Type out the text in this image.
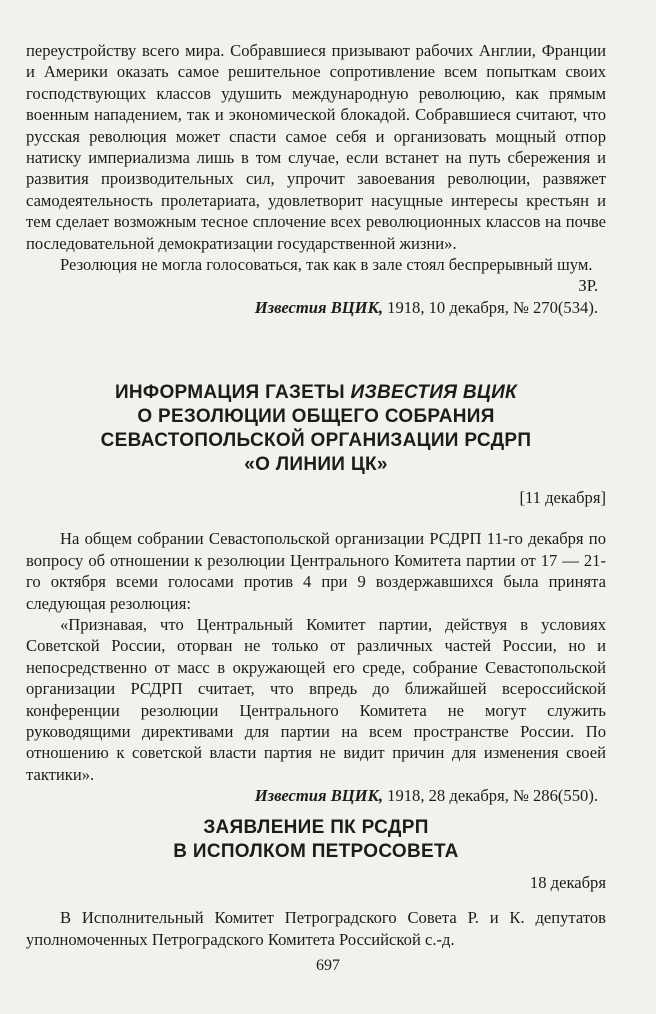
переустройству всего мира. Собравшиеся призывают рабочих Англии, Франции и Америки оказать самое решительное сопротивление всем попыткам своих господствующих классов удушить международную революцию, как прямым военным нападением, так и экономической блокадой. Собравшиеся считают, что русская революция может спасти самое себя и организовать мощный отпор натиску империализма лишь в том случае, если встанет на путь сбережения и развития производительных сил, упрочит завоевания революции, развяжет самодеятельность пролетариата, удовлетворит насущные интересы крестьян и тем сделает возможным тесное сплочение всех революционных классов на почве последовательной демократизации государственной жизни».

Резолюция не могла голосоваться, так как в зале стоял беспрерывный шум.

ЗР.

Известия ВЦИК, 1918, 10 декабря, № 270(534).

ИНФОРМАЦИЯ ГАЗЕТЫ ИЗВЕСТИЯ ВЦИК

О РЕЗОЛЮЦИИ ОБЩЕГО СОБРАНИЯ

СЕВАСТОПОЛЬСКОЙ ОРГАНИЗАЦИИ РСДРП

«О ЛИНИИ ЦК»

[11 декабря]

На общем собрании Севастопольской организации РСДРП 11-го декабря по вопросу об отношении к резолюции Центрального Комитета партии от 17 — 21-го октября всеми голосами против 4 при 9 воздержавшихся была принята следующая резолюция:

«Признавая, что Центральный Комитет партии, действуя в условиях Советской России, оторван не только от различных частей России, но и непосредственно от масс в окружающей его среде, собрание Севастопольской организации РСДРП считает, что впредь до ближайшей всероссийской конференции резолюции Центрального Комитета не могут служить руководящими директивами для партии на всем пространстве России. По отношению к советской власти партия не видит причин для изменения своей тактики».

Известия ВЦИК, 1918, 28 декабря, № 286(550).

ЗАЯВЛЕНИЕ ПК РСДРП

В ИСПОЛКОМ ПЕТРОСОВЕТА

18 декабря

В Исполнительный Комитет Петроградского Совета Р. и К. депутатов уполномоченных Петроградского Комитета Российской с.-д.

697
